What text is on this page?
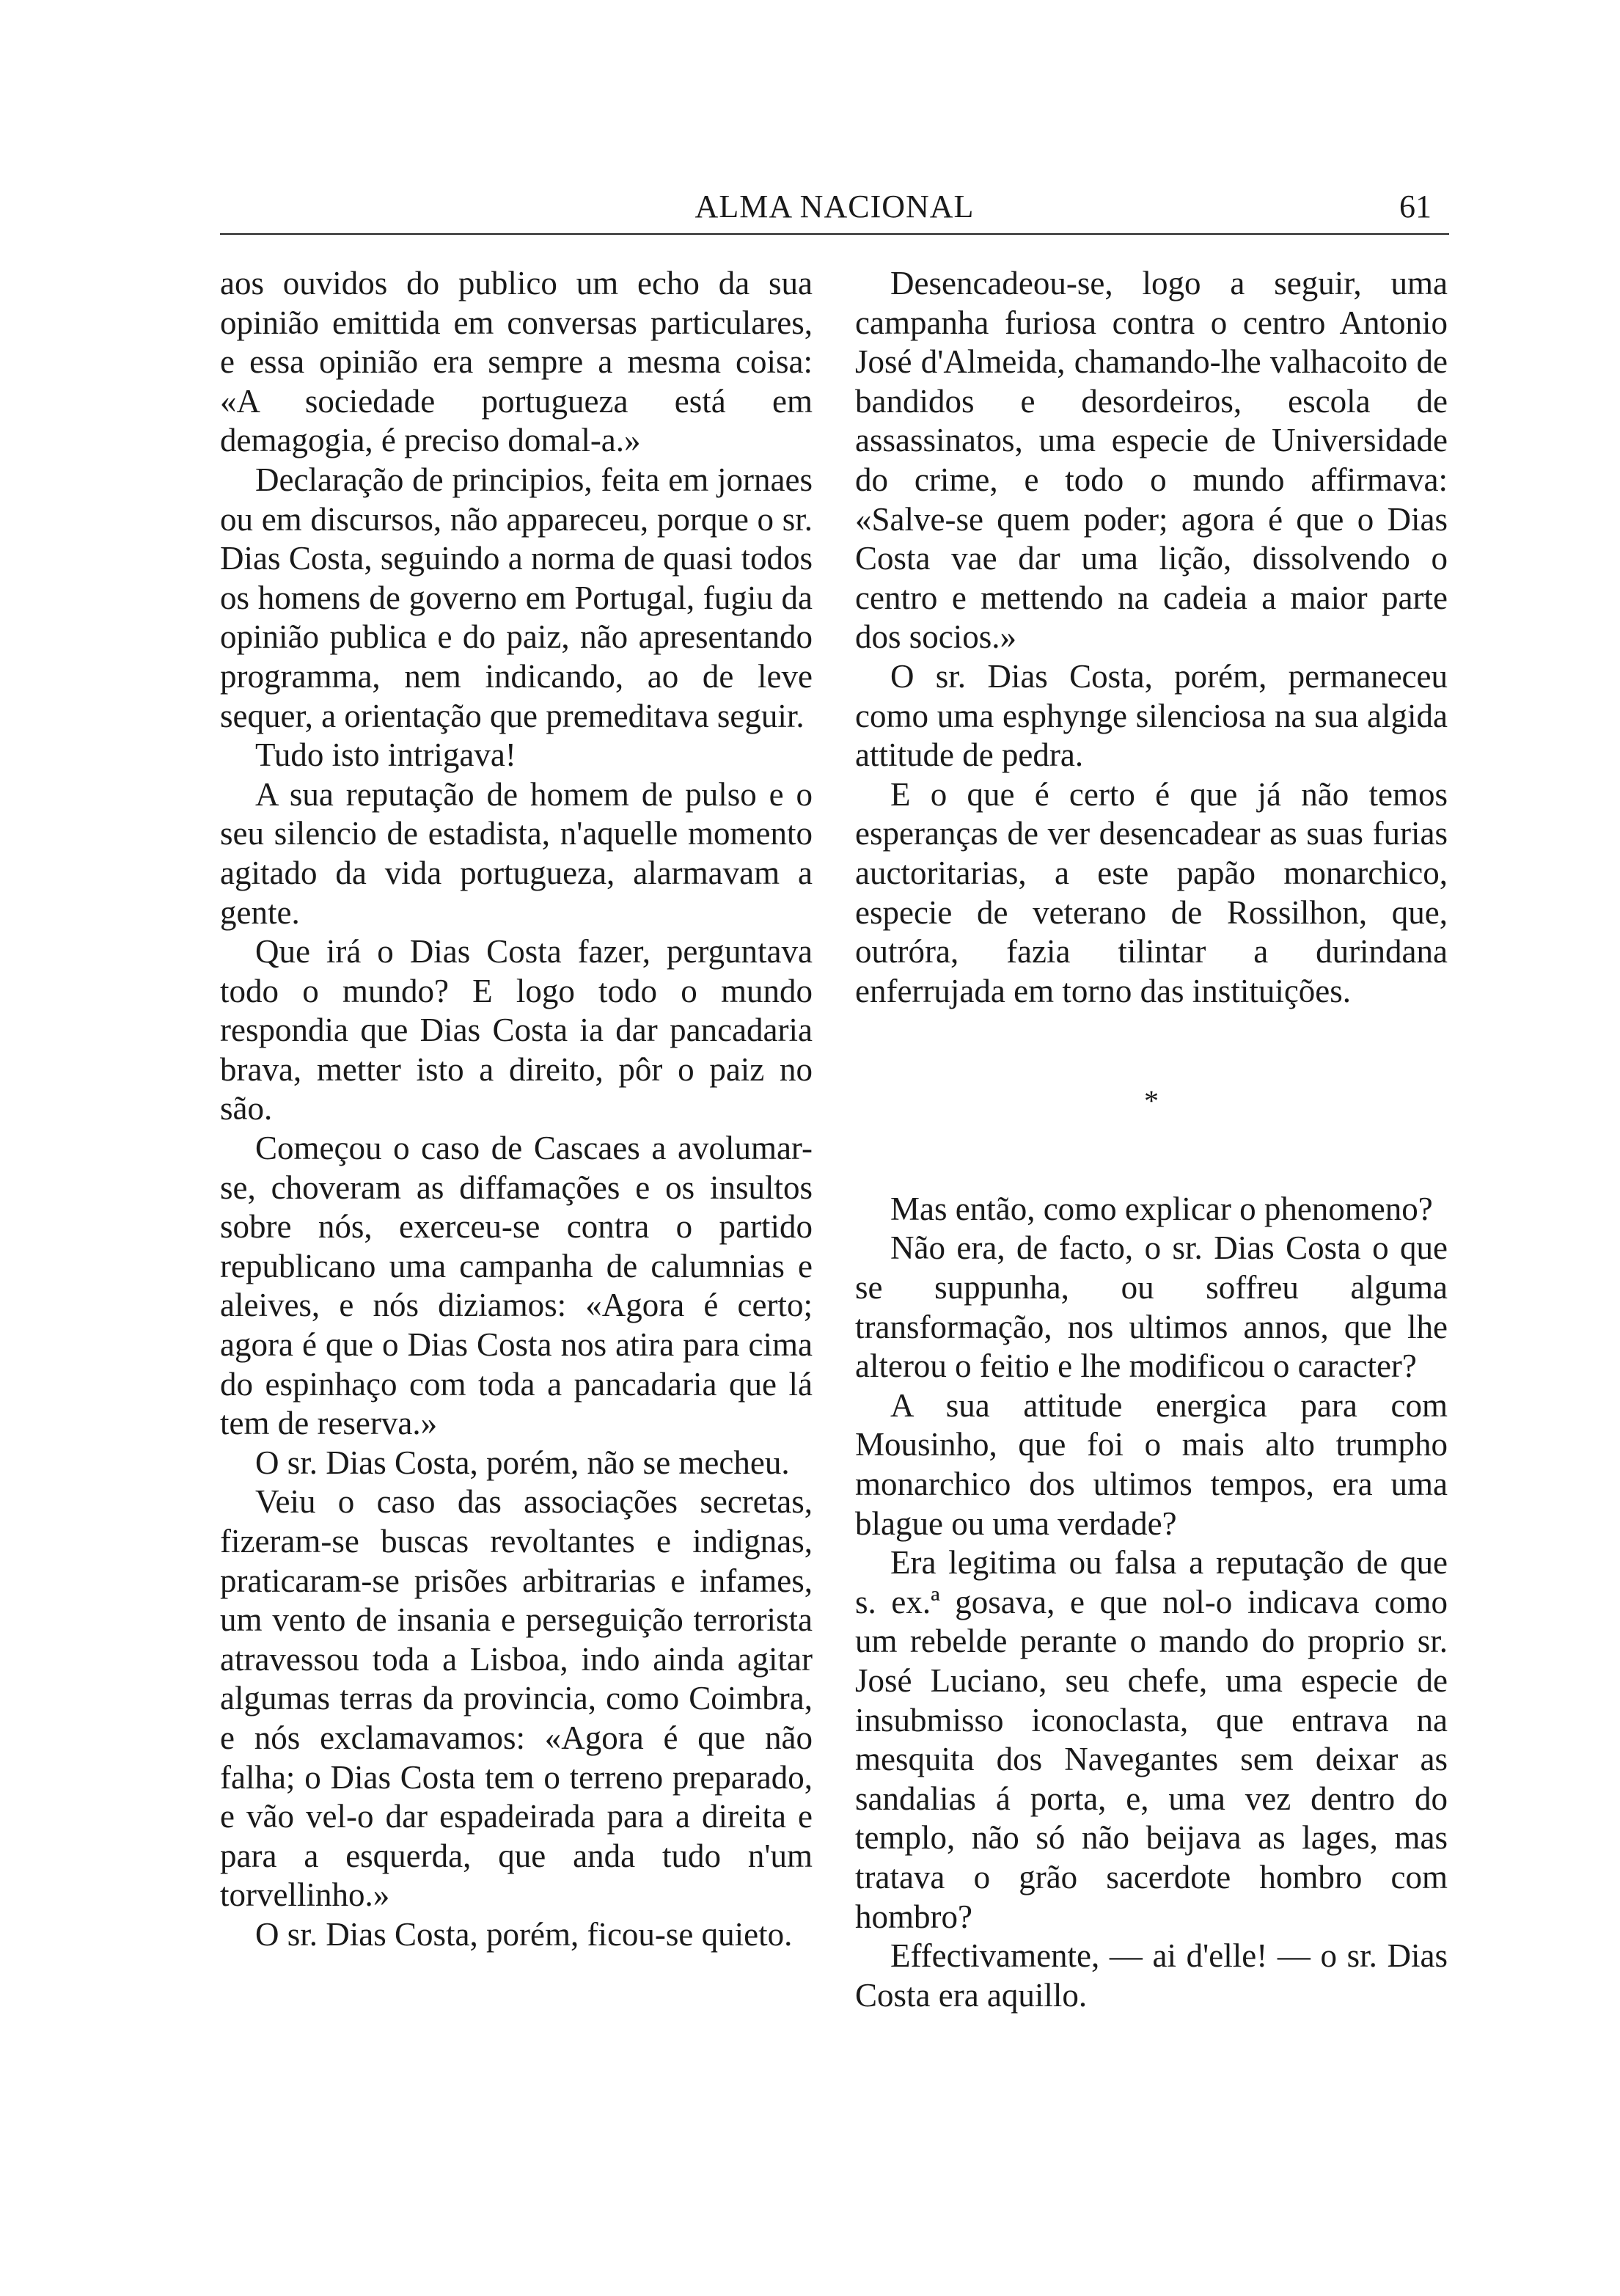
ALMA NACIONAL	61

aos ouvidos do publico um echo da sua opinião emittida em conversas particulares, e essa opinião era sempre a mesma coisa: «A sociedade portugueza está em demagogia, é preciso domal-a.»

Declaração de principios, feita em jornaes ou em discursos, não appareceu, porque o sr. Dias Costa, seguindo a norma de quasi todos os homens de governo em Portugal, fugiu da opinião publica e do paiz, não apresentando programma, nem indicando, ao de leve sequer, a orientação que premeditava seguir.

Tudo isto intrigava!

A sua reputação de homem de pulso e o seu silencio de estadista, n'aquelle momento agitado da vida portugueza, alarmavam a gente.

Que irá o Dias Costa fazer, perguntava todo o mundo? E logo todo o mundo respondia que Dias Costa ia dar pancadaria brava, metter isto a direito, pôr o paiz no são.

Começou o caso de Cascaes a avolumar-se, choveram as diffamações e os insultos sobre nós, exerceu-se contra o partido republicano uma campanha de calumnias e aleives, e nós diziamos: «Agora é certo; agora é que o Dias Costa nos atira para cima do espinhaço com toda a pancadaria que lá tem de reserva.»

O sr. Dias Costa, porém, não se mecheu.

Veiu o caso das associações secretas, fizeram-se buscas revoltantes e indignas, praticaram-se prisões arbitrarias e infames, um vento de insania e perseguição terrorista atravessou toda a Lisboa, indo ainda agitar algumas terras da provincia, como Coimbra, e nós exclamavamos: «Agora é que não falha; o Dias Costa tem o terreno preparado, e vão vel-o dar espadeirada para a direita e para a esquerda, que anda tudo n'um torvellinho.»

O sr. Dias Costa, porém, ficou-se quieto.

Desencadeou-se, logo a seguir, uma campanha furiosa contra o centro Antonio José d'Almeida, chamando-lhe valhacoito de bandidos e desordeiros, escola de assassinatos, uma especie de Universidade do crime, e todo o mundo affirmava: «Salve-se quem poder; agora é que o Dias Costa vae dar uma lição, dissolvendo o centro e mettendo na cadeia a maior parte dos socios.»

O sr. Dias Costa, porém, permaneceu como uma esphynge silenciosa na sua algida attitude de pedra.

E o que é certo é que já não temos esperanças de ver desencadear as suas furias auctoritarias, a este papão monarchico, especie de veterano de Rossilhon, que, outróra, fazia tilintar a durindana enferrujada em torno das instituições.

*

Mas então, como explicar o phenomeno?

Não era, de facto, o sr. Dias Costa o que se suppunha, ou soffreu alguma transformação, nos ultimos annos, que lhe alterou o feitio e lhe modificou o caracter?

A sua attitude energica para com Mousinho, que foi o mais alto trumpho monarchico dos ultimos tempos, era uma blague ou uma verdade?

Era legitima ou falsa a reputação de que s. ex.ª gosava, e que nol-o indicava como um rebelde perante o mando do proprio sr. José Luciano, seu chefe, uma especie de insubmisso iconoclasta, que entrava na mesquita dos Navegantes sem deixar as sandalias á porta, e, uma vez dentro do templo, não só não beijava as lages, mas tratava o grão sacerdote hombro com hombro?

Effectivamente, — ai d'elle! — o sr. Dias Costa era aquillo.
